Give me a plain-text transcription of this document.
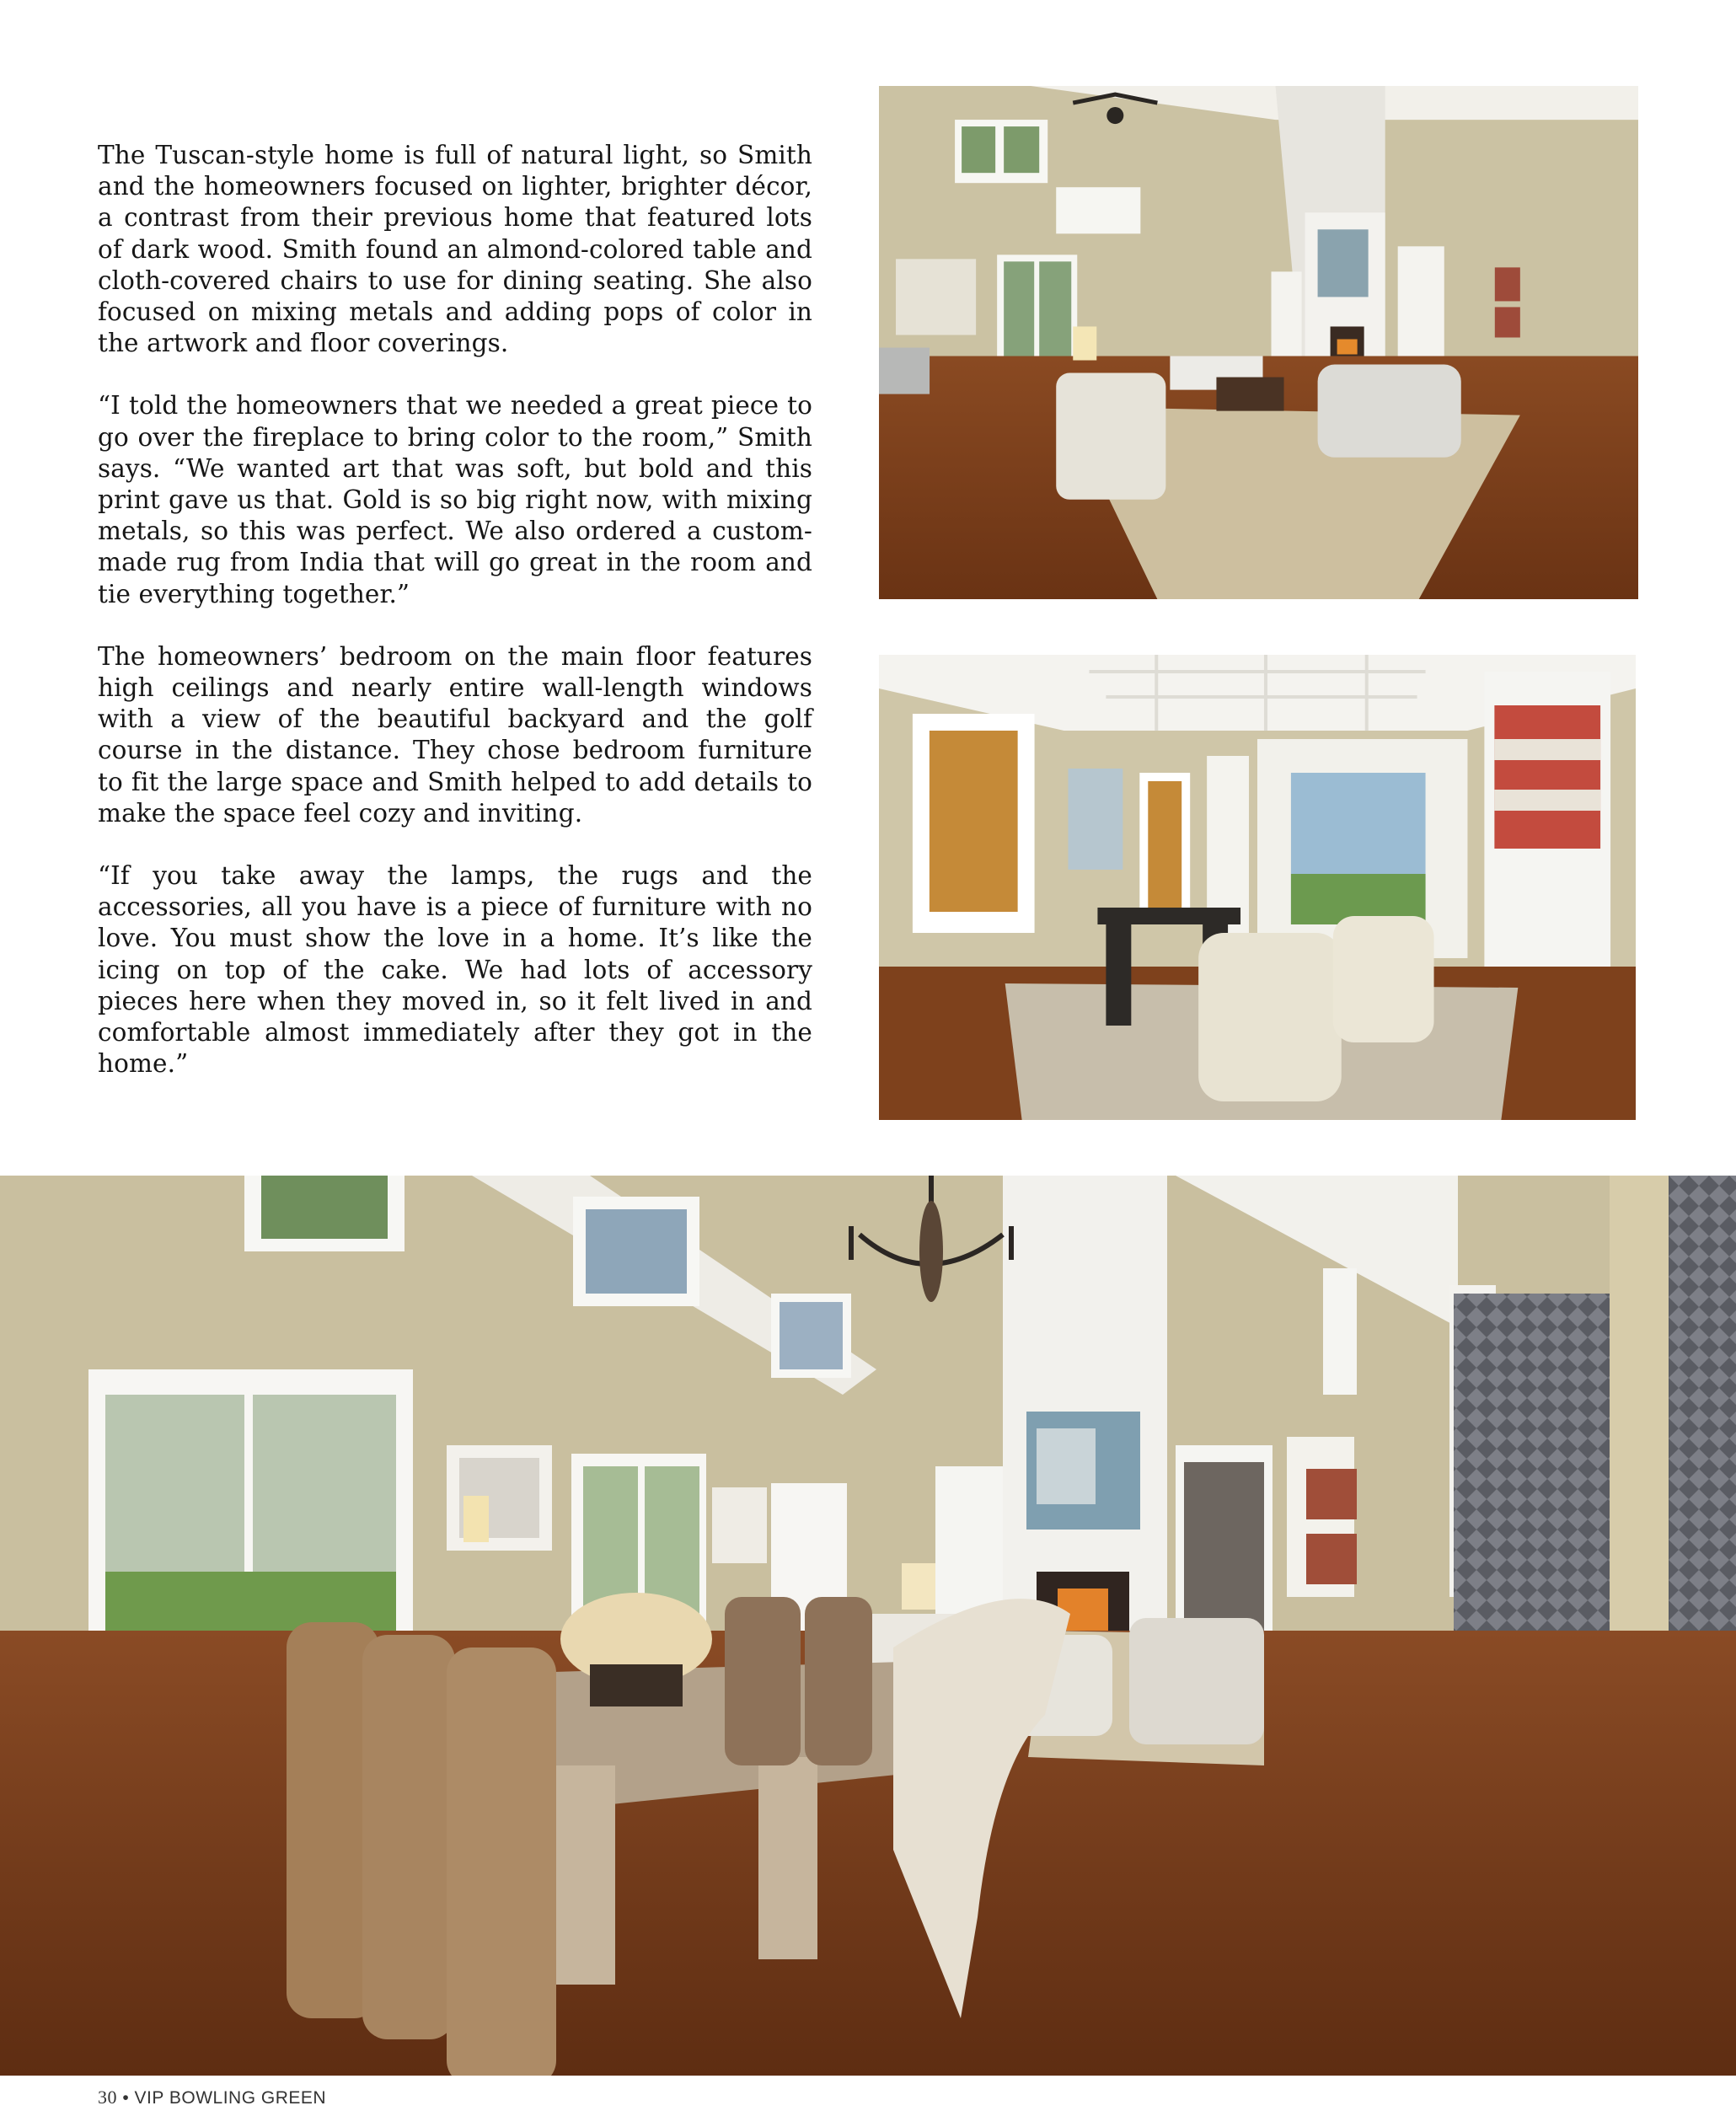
The Tuscan-style home is full of natural light, so Smith and the homeowners focused on lighter, brighter décor, a contrast from their previous home that featured lots of dark wood. Smith found an almond-colored table and cloth-covered chairs to use for dining seating. She also focused on mixing metals and adding pops of color in the artwork and floor coverings.

“I told the homeowners that we needed a great piece to go over the fireplace to bring color to the room,” Smith says. “We wanted art that was soft, but bold and this print gave us that. Gold is so big right now, with mixing metals, so this was perfect. We also ordered a custom-made rug from India that will go great in the room and tie everything together.”

The homeowners’ bedroom on the main floor features high ceilings and nearly entire wall-length windows with a view of the beautiful backyard and the golf course in the distance. They chose bedroom furniture to fit the large space and Smith helped to add details to make the space feel cozy and inviting.

“If you take away the lamps, the rugs and the accessories, all you have is a piece of furniture with no love. You must show the love in a home. It’s like the icing on top of the cake. We had lots of accessory pieces here when they moved in, so it felt lived in and comfortable almost immediately after they got in the home.”

30 • VIP BOWLING GREEN
